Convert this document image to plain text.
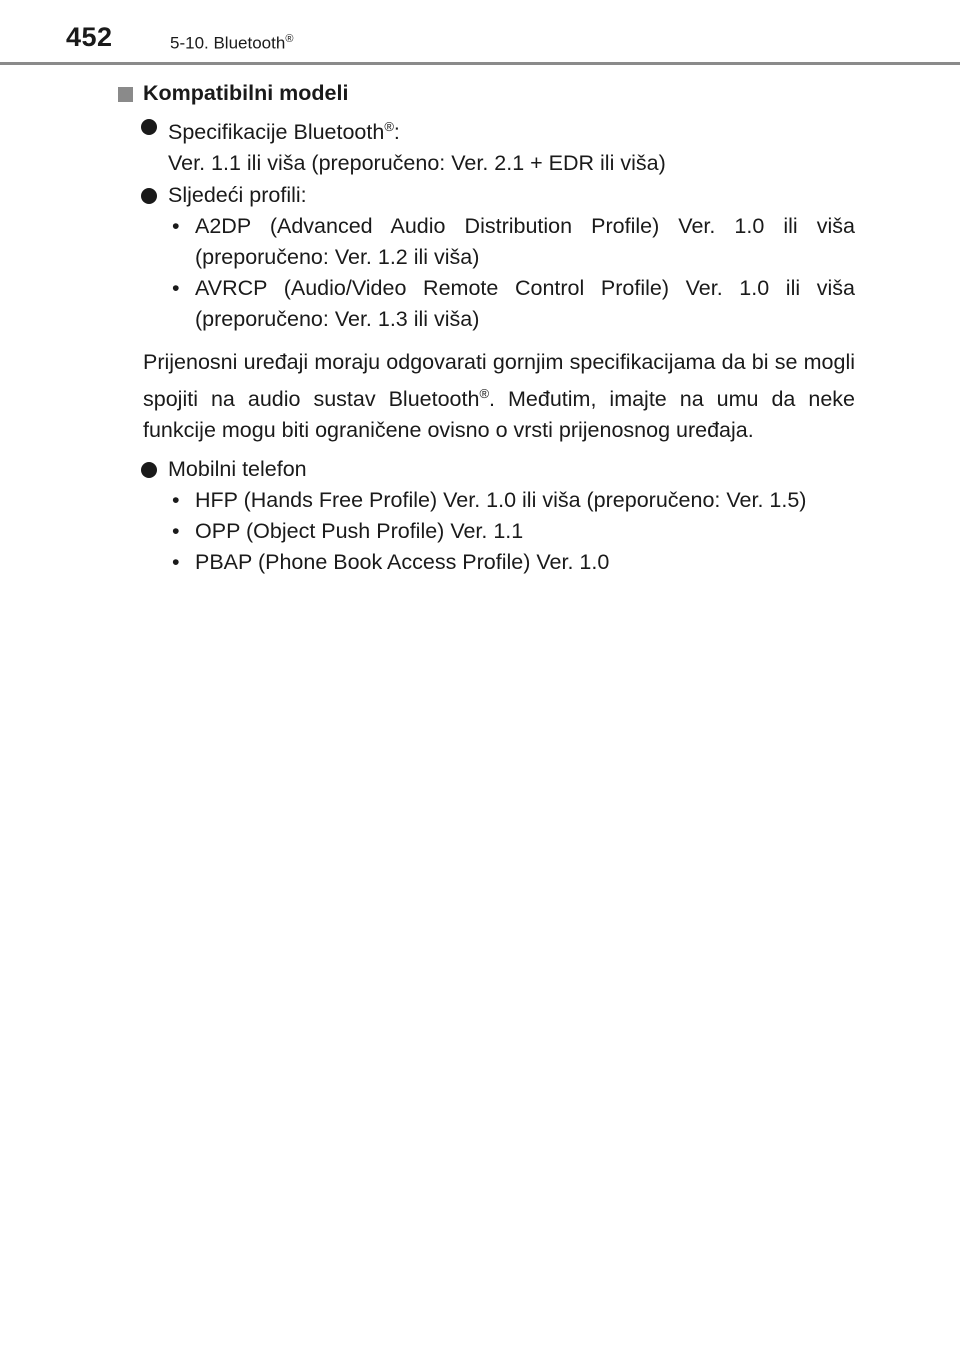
452	5-10. Bluetooth®
Kompatibilni modeli
Specifikacije Bluetooth®:
Ver. 1.1 ili viša (preporučeno: Ver. 2.1 + EDR ili viša)
Sljedeći profili:
• A2DP (Advanced Audio Distribution Profile) Ver. 1.0 ili viša (preporučeno: Ver. 1.2 ili viša)
• AVRCP (Audio/Video Remote Control Profile) Ver. 1.0 ili viša (preporučeno: Ver. 1.3 ili viša)
Prijenosni uređaji moraju odgovarati gornjim specifikacijama da bi se mogli spojiti na audio sustav Bluetooth®. Međutim, imajte na umu da neke funkcije mogu biti ograničene ovisno o vrsti prijenosnog uređaja.
Mobilni telefon
• HFP (Hands Free Profile) Ver. 1.0 ili viša (preporučeno: Ver. 1.5)
• OPP (Object Push Profile) Ver. 1.1
• PBAP (Phone Book Access Profile) Ver. 1.0
